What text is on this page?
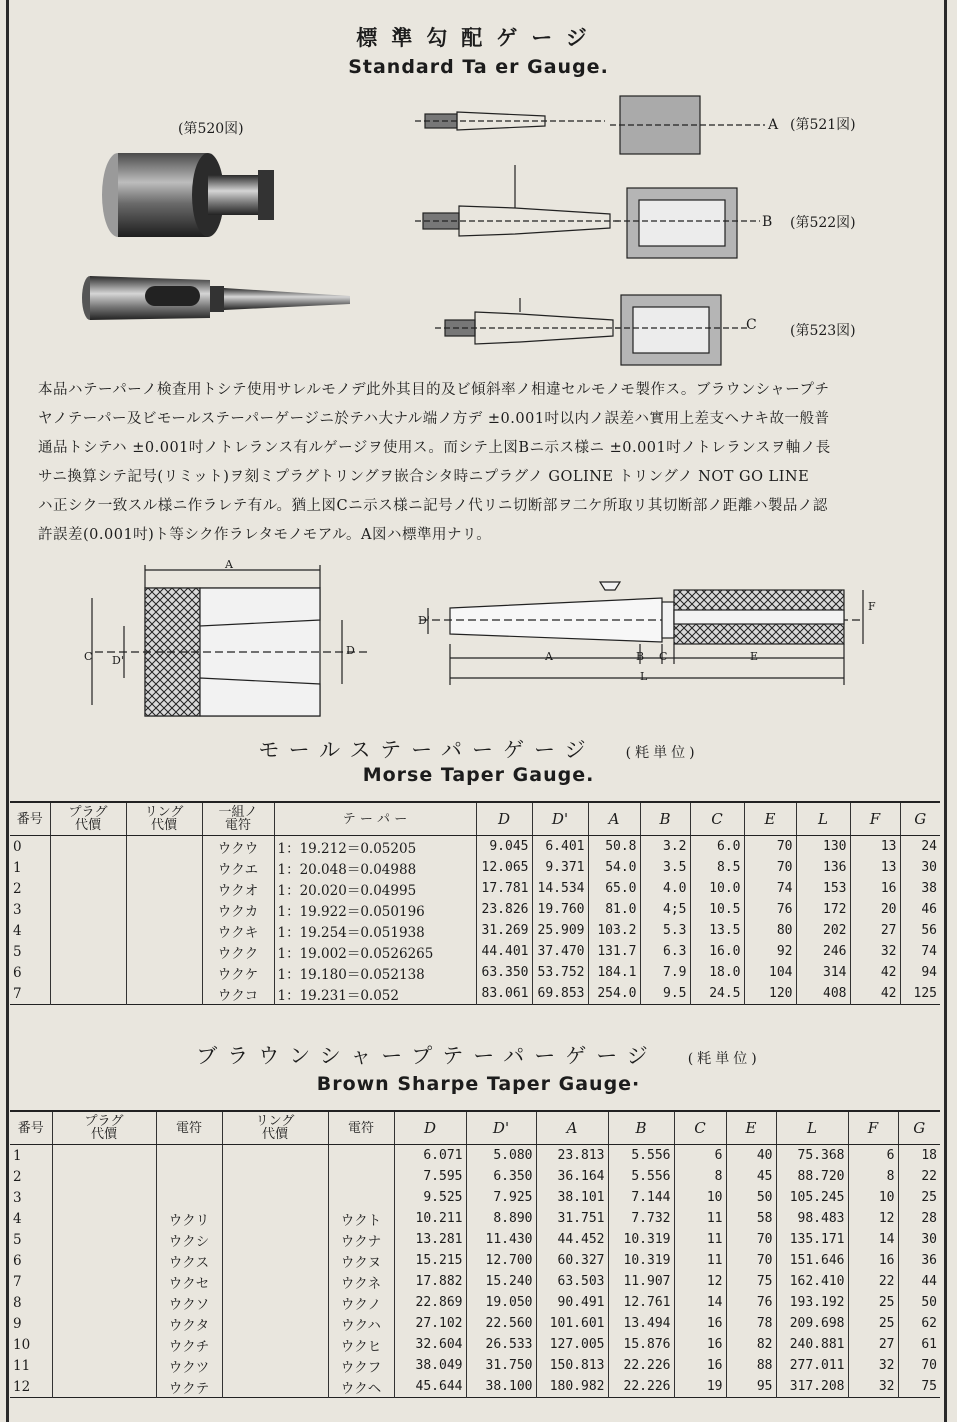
標準勾配ゲージ
Standard Ta er Gauge.
(第520図)	A (第521図)
B (第522図)
C (第523図)
本品ハテーパーノ検査用トシテ使用サレルモノデ此外其目的及ビ傾斜率ノ相違セルモノモ製作ス。ブラウンシャープチ
ヤノテーパー及ビモールステーパーゲージニ於テハ大ナル端ノ方デ ±0.001吋以内ノ誤差ハ實用上差支ヘナキ故一般普
通品トシテハ ±0.001吋ノトレランス有ルゲージヲ使用ス。而シテ上図Bニ示ス様ニ ±0.001吋ノトレランスヲ軸ノ長
サニ換算シテ記号(リミット)ヲ刻ミプラグトリングヲ嵌合シタ時ニプラグノ GOLINE トリングノ NOT GO LINE
ハ正シク一致スル様ニ作ラレテ有ル。猶上図Cニ示ス様ニ記号ノ代リニ切断部ヲ二ケ所取リ其切断部ノ距離ハ製品ノ認
許誤差(0.001吋)ト等シク作ラレタモノモアル。A図ハ標準用ナリ。
A
C D'
D
D'
A	B C	E
L
F
モールステーパーゲージ (粍単位)
Morse Taper Gauge.
番号	プラグ
代價	リング
代價	一組ノ
電符	テ ー パ ー	D	D'	A	B	C	E	L	F	G
0			ウクウ	1：19.212＝0.05205	9.045	6.401	50.8	3.2	6.0	70	130	13	24
1			ウクエ	1：20.048＝0.04988	12.065	9.371	54.0	3.5	8.5	70	136	13	30
2			ウクオ	1：20.020＝0.04995	17.781	14.534	65.0	4.0	10.0	74	153	16	38
3			ウクカ	1：19.922＝0.050196	23.826	19.760	81.0	4;5	10.5	76	172	20	46
4			ウクキ	1：19.254＝0.051938	31.269	25.909	103.2	5.3	13.5	80	202	27	56
5			ウクク	1：19.002＝0.0526265	44.401	37.470	131.7	6.3	16.0	92	246	32	74
6			ウクケ	1：19.180＝0.052138	63.350	53.752	184.1	7.9	18.0	104	314	42	94
7			ウクコ	1：19.231＝0.052	83.061	69.853	254.0	9.5	24.5	120	408	42	125
ブラウンシャープテーパーゲージ (粍単位)
Brown Sharpe Taper Gauge·
番号	プラグ
代價	電符	リング
代價	電符	D	D'	A	B	C	E	L	F	G
1					6.071	5.080	23.813	5.556	6	40	75.368	6	18
2					7.595	6.350	36.164	5.556	8	45	88.720	8	22
3					9.525	7.925	38.101	7.144	10	50	105.245	10	25
4		ウクリ		ウクト	10.211	8.890	31.751	7.732	11	58	98.483	12	28
5		ウクシ		ウクナ	13.281	11.430	44.452	10.319	11	70	135.171	14	30
6		ウクス		ウクヌ	15.215	12.700	60.327	10.319	11	70	151.646	16	36
7		ウクセ		ウクネ	17.882	15.240	63.503	11.907	12	75	162.410	22	44
8		ウクソ		ウクノ	22.869	19.050	90.491	12.761	14	76	193.192	25	50
9		ウクタ		ウクハ	27.102	22.560	101.601	13.494	16	78	209.698	25	62
10		ウクチ		ウクヒ	32.604	26.533	127.005	15.876	16	82	240.881	27	61
11		ウクツ		ウクフ	38.049	31.750	150.813	22.226	16	88	277.011	32	70
12		ウクテ		ウクヘ	45.644	38.100	180.982	22.226	19	95	317.208	32	75
